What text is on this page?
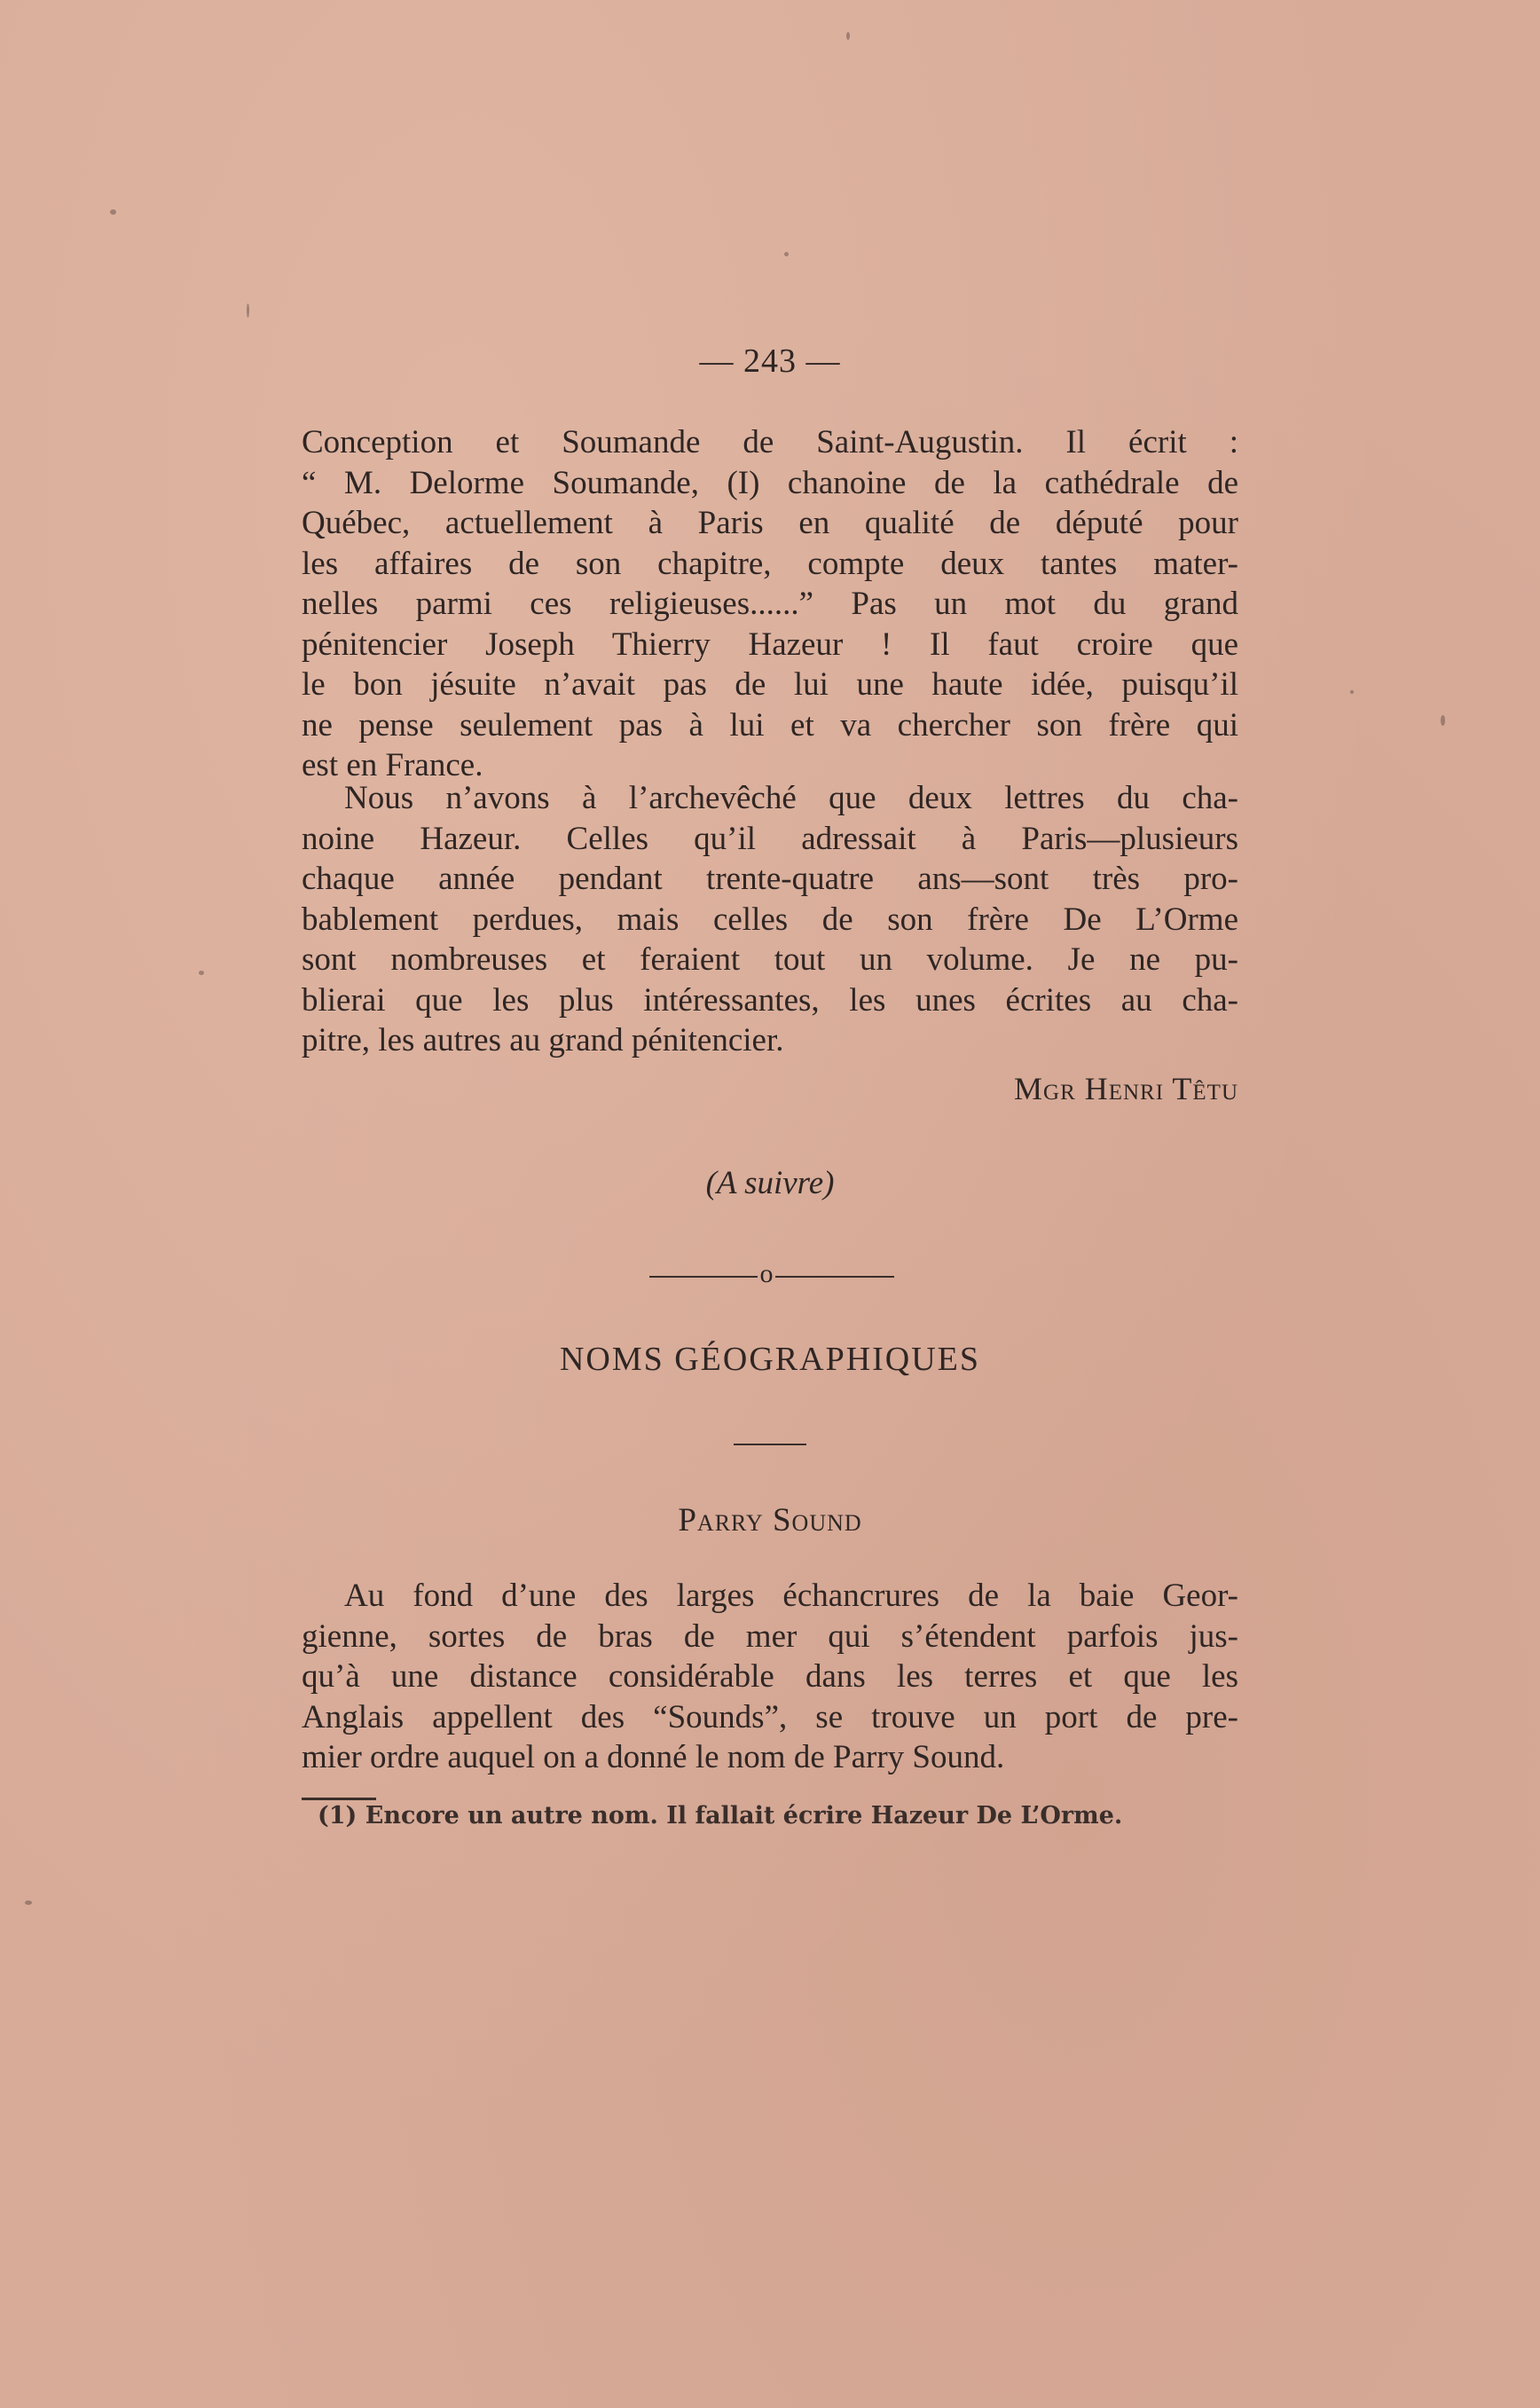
— 243 —
Conception et Soumande de Saint-Augustin. Il écrit :
“ M. Delorme Soumande, (I) chanoine de la cathédrale de
Québec, actuellement à Paris en qualité de député pour
les affaires de son chapitre, compte deux tantes mater-
nelles parmi ces religieuses......” Pas un mot du grand
pénitencier Joseph Thierry Hazeur ! Il faut croire que
le bon jésuite n’avait pas de lui une haute idée, puisqu’il
ne pense seulement pas à lui et va chercher son frère qui
est en France.
Nous n’avons à l’archevêché que deux lettres du cha-
noine Hazeur. Celles qu’il adressait à Paris—plusieurs
chaque année pendant trente-quatre ans—sont très pro-
bablement perdues, mais celles de son frère De L’Orme
sont nombreuses et feraient tout un volume. Je ne pu-
blierai que les plus intéressantes, les unes écrites au cha-
pitre, les autres au grand pénitencier.
Mgr Henri Têtu
(A suivre)
o
NOMS GÉOGRAPHIQUES
Parry Sound
Au fond d’une des larges échancrures de la baie Geor-
gienne, sortes de bras de mer qui s’étendent parfois jus-
qu’à une distance considérable dans les terres et que les
Anglais appellent des “Sounds”, se trouve un port de pre-
mier ordre auquel on a donné le nom de Parry Sound.
(1) Encore un autre nom. Il fallait écrire Hazeur De L’Orme.
